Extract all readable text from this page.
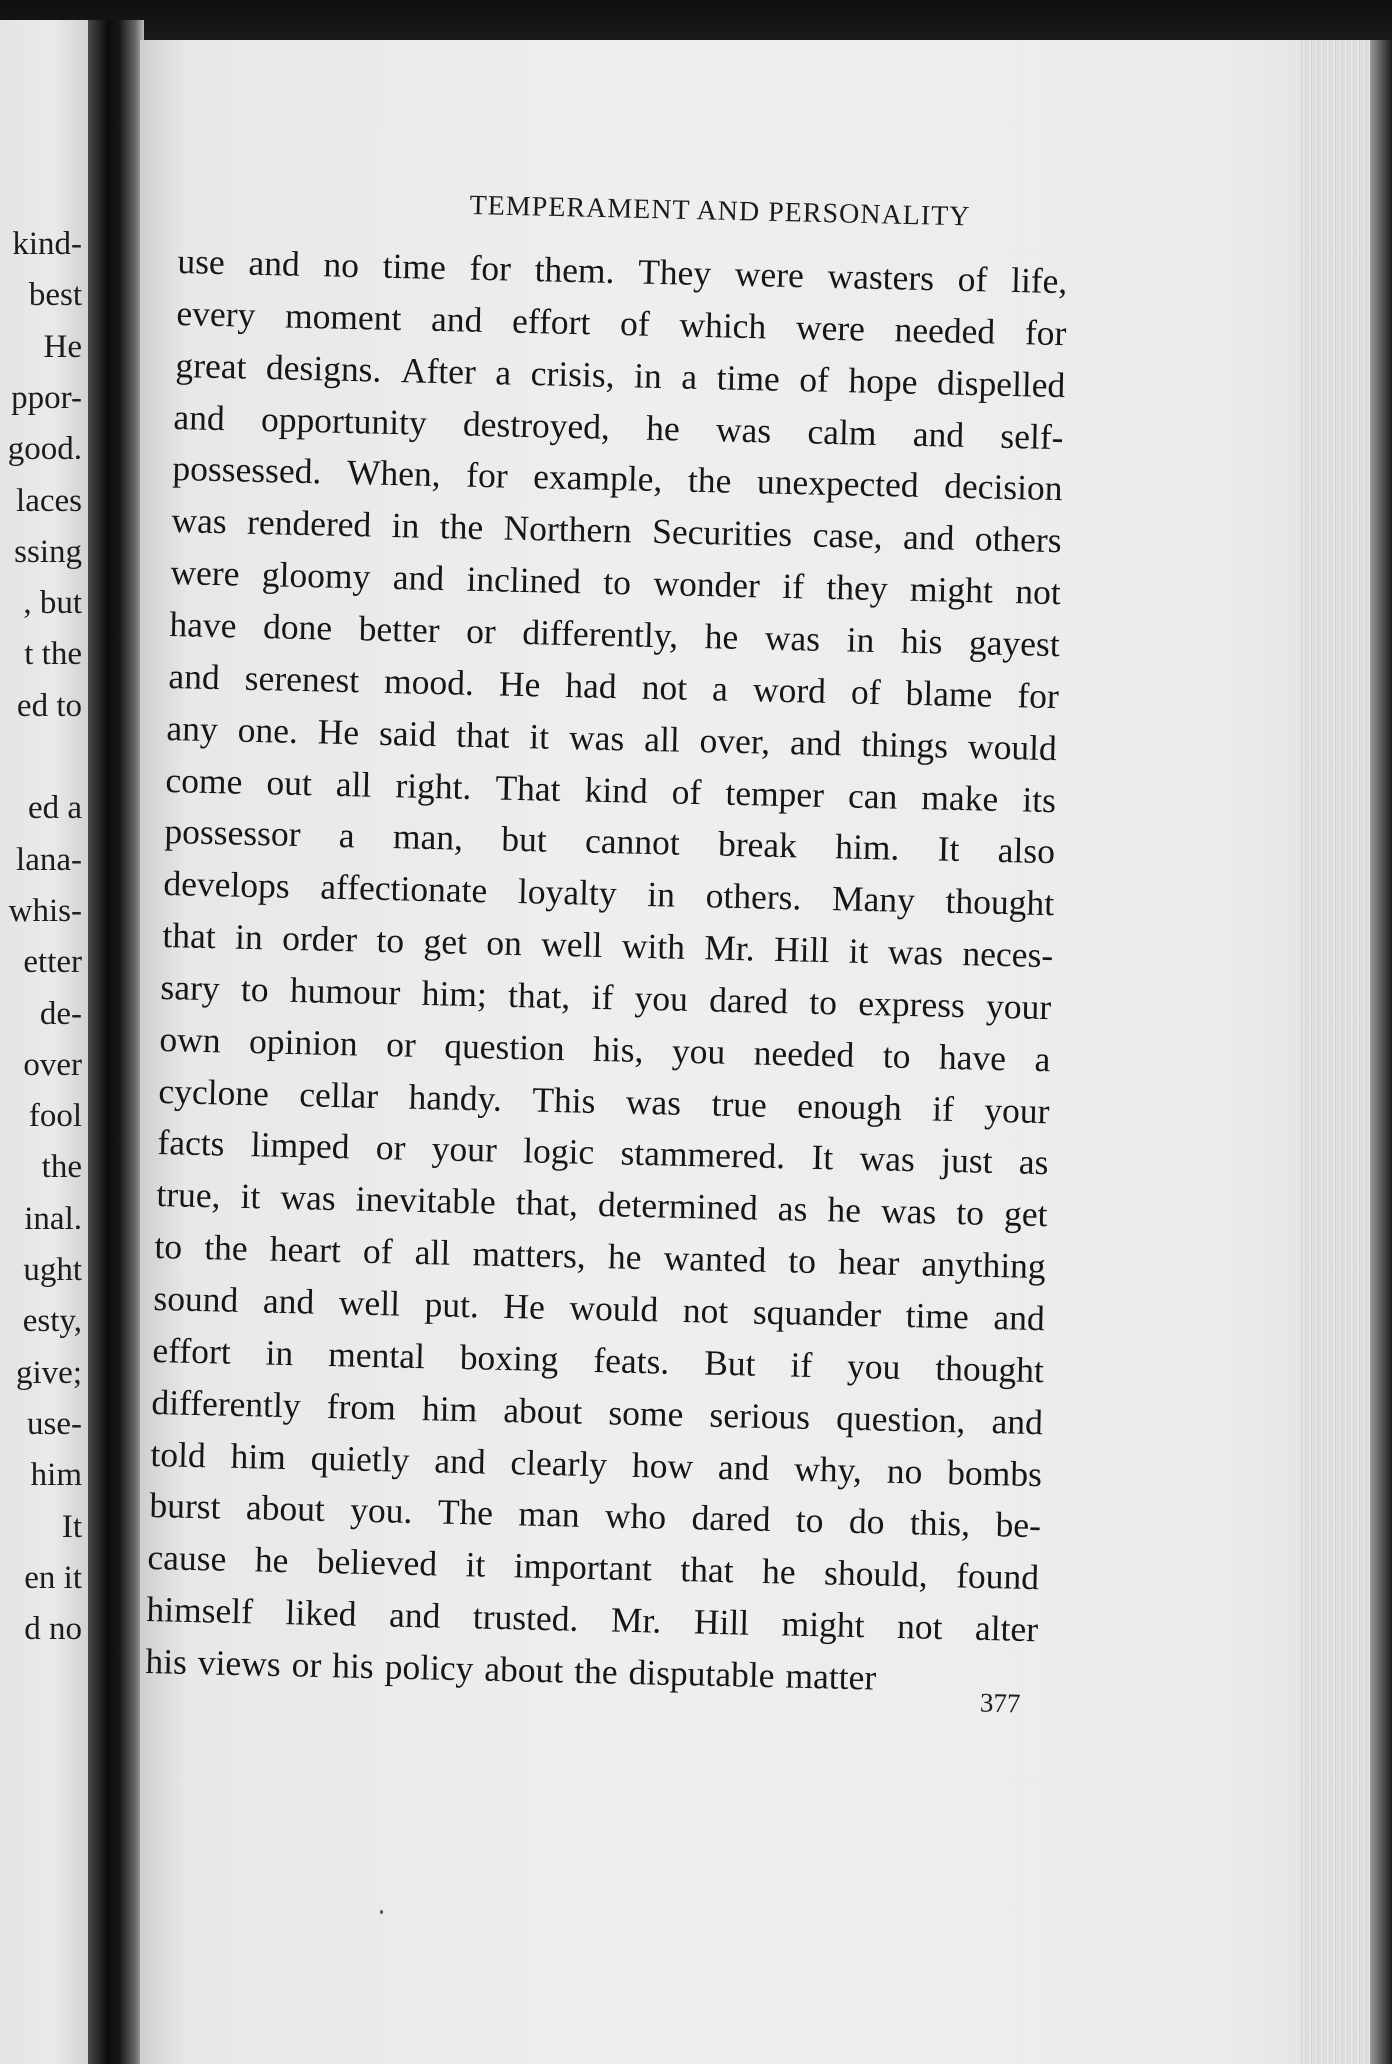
kind-
best
He
ppor-
good.
laces
ssing
, but
t the
ed to
ed a
lana-
whis-
etter
de-
over
fool
the
inal.
ught
esty,
give;
use-
him
It
en it
d no
TEMPERAMENT AND PERSONALITY
use and no time for them. They were wasters of life,
every moment and effort of which were needed for
great designs. After a crisis, in a time of hope dispelled
and opportunity destroyed, he was calm and self-
possessed. When, for example, the unexpected decision
was rendered in the Northern Securities case, and others
were gloomy and inclined to wonder if they might not
have done better or differently, he was in his gayest
and serenest mood. He had not a word of blame for
any one. He said that it was all over, and things would
come out all right. That kind of temper can make its
possessor a man, but cannot break him. It also
develops affectionate loyalty in others. Many thought
that in order to get on well with Mr. Hill it was neces-
sary to humour him; that, if you dared to express your
own opinion or question his, you needed to have a
cyclone cellar handy. This was true enough if your
facts limped or your logic stammered. It was just as
true, it was inevitable that, determined as he was to get
to the heart of all matters, he wanted to hear anything
sound and well put. He would not squander time and
effort in mental boxing feats. But if you thought
differently from him about some serious question, and
told him quietly and clearly how and why, no bombs
burst about you. The man who dared to do this, be-
cause he believed it important that he should, found
himself liked and trusted. Mr. Hill might not alter
his views or his policy about the disputable matter
377
